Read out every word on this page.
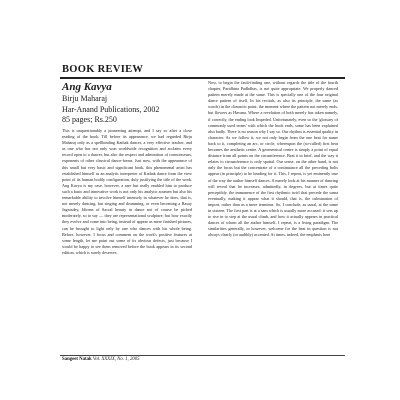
BOOK REVIEW

Ang Kavya

Birju Maharaj

Har-Anand Publications, 2002

85 pages; Rs.250

This is unquestionably a pioneering attempt, and I say so after a close reading of the book. Till before its appearance, we had regarded Birju Maharaj only as a spellbinding Kathak dancer, a very effective teacher, and as one who has not only won worldwide recognition and acclaim every record open to a dancer, but also the respect and admiration of connoisseurs, exponents of other classical dance-forms. Just now, with the appearance of this small but very basic and significant book, this phenomenal artist has established himself as an analytic interpreter of Kathak dance from the view point of its human bodily configuration, duly justifying the title of the work. Ang Kavya is my case, however, a rare but really enabled him to produce such a basic and innovative work is not only his analytic acumen but also his remarkable ability to involve himself intensely in whatever he does, that is, not merely dancing, but singing and drumming, or even becoming a Rasay Jagrasdey, Idioms of Sacral beauty in dance not of course be picked moderately, so to say — they are representational sculpture; but how exactly they evolve and come into being, instead of appear as mere finished pictures, can be brought to light only by one who dances with his whole being. Before, however, I focus and comment on the work's positive features at some length, let me point out some of its obvious defects, just because I would be happy to see them removed before the book appears in its second edition, which is surely deserves.

Now, to begin the fault-finding one, without regards the title of the fourth chapter, Paridhina Padhdhas, is not quite appropriate. We properly danced pattern merely made at the same. This is specially one of the four original dance pattern of itself. In his recitals, as also its principle, the same (as words) in the climactic point, the moment where the pattern not merely ends, but flowers as Havana. Where a revelation of both merely has taken namely, if correctly, the ending look Impeded. Unfortunately, even so the 'glossary of commonly used terms' with which the book ends, some has been explained also badly. There is no reason why I say so. Our rhythm is essential quality in character. As we follow it, we not only begin from the one beat for name back to it, completing an arc, or circle, whereupon the (so-called) first beat becomes the aesthetic centre. A geometrical centre is simply a point of equal distance from all points on the circumference. Beat it in brief, and the way it relates to circumference is only spatial. Our sense, on the other hand, is not only the focus but the concentrate of a continuance all the preceding bolts appear (in principle) to be heading for it. This, I repeat, is yet eminently true of the way the author himself dances. A merely look at his manner of dancing will reveal that he increases, admittedly, in degrees, but at times quite perceptibly. the immanence of the first rhythmic twirl that precede the sama eventually, making it appear what it should, that is, the culmination of import, rather than as a mere terminus. So, I conclude, as usual, at the same in sixteen. The first part is at a sam which is usually more accused: it sets up to rise in to step at the usual climb, and how it actually appears in practical dances of whom all the author himself, I repeat, is a living paradigm. The similarities generally, in however, welcome for the beat in question is not always clearly (or audibly) accented. At times, indeed, the emphasis here

Sangeet Natak Vol. XXXIX, No. 1, 2005
